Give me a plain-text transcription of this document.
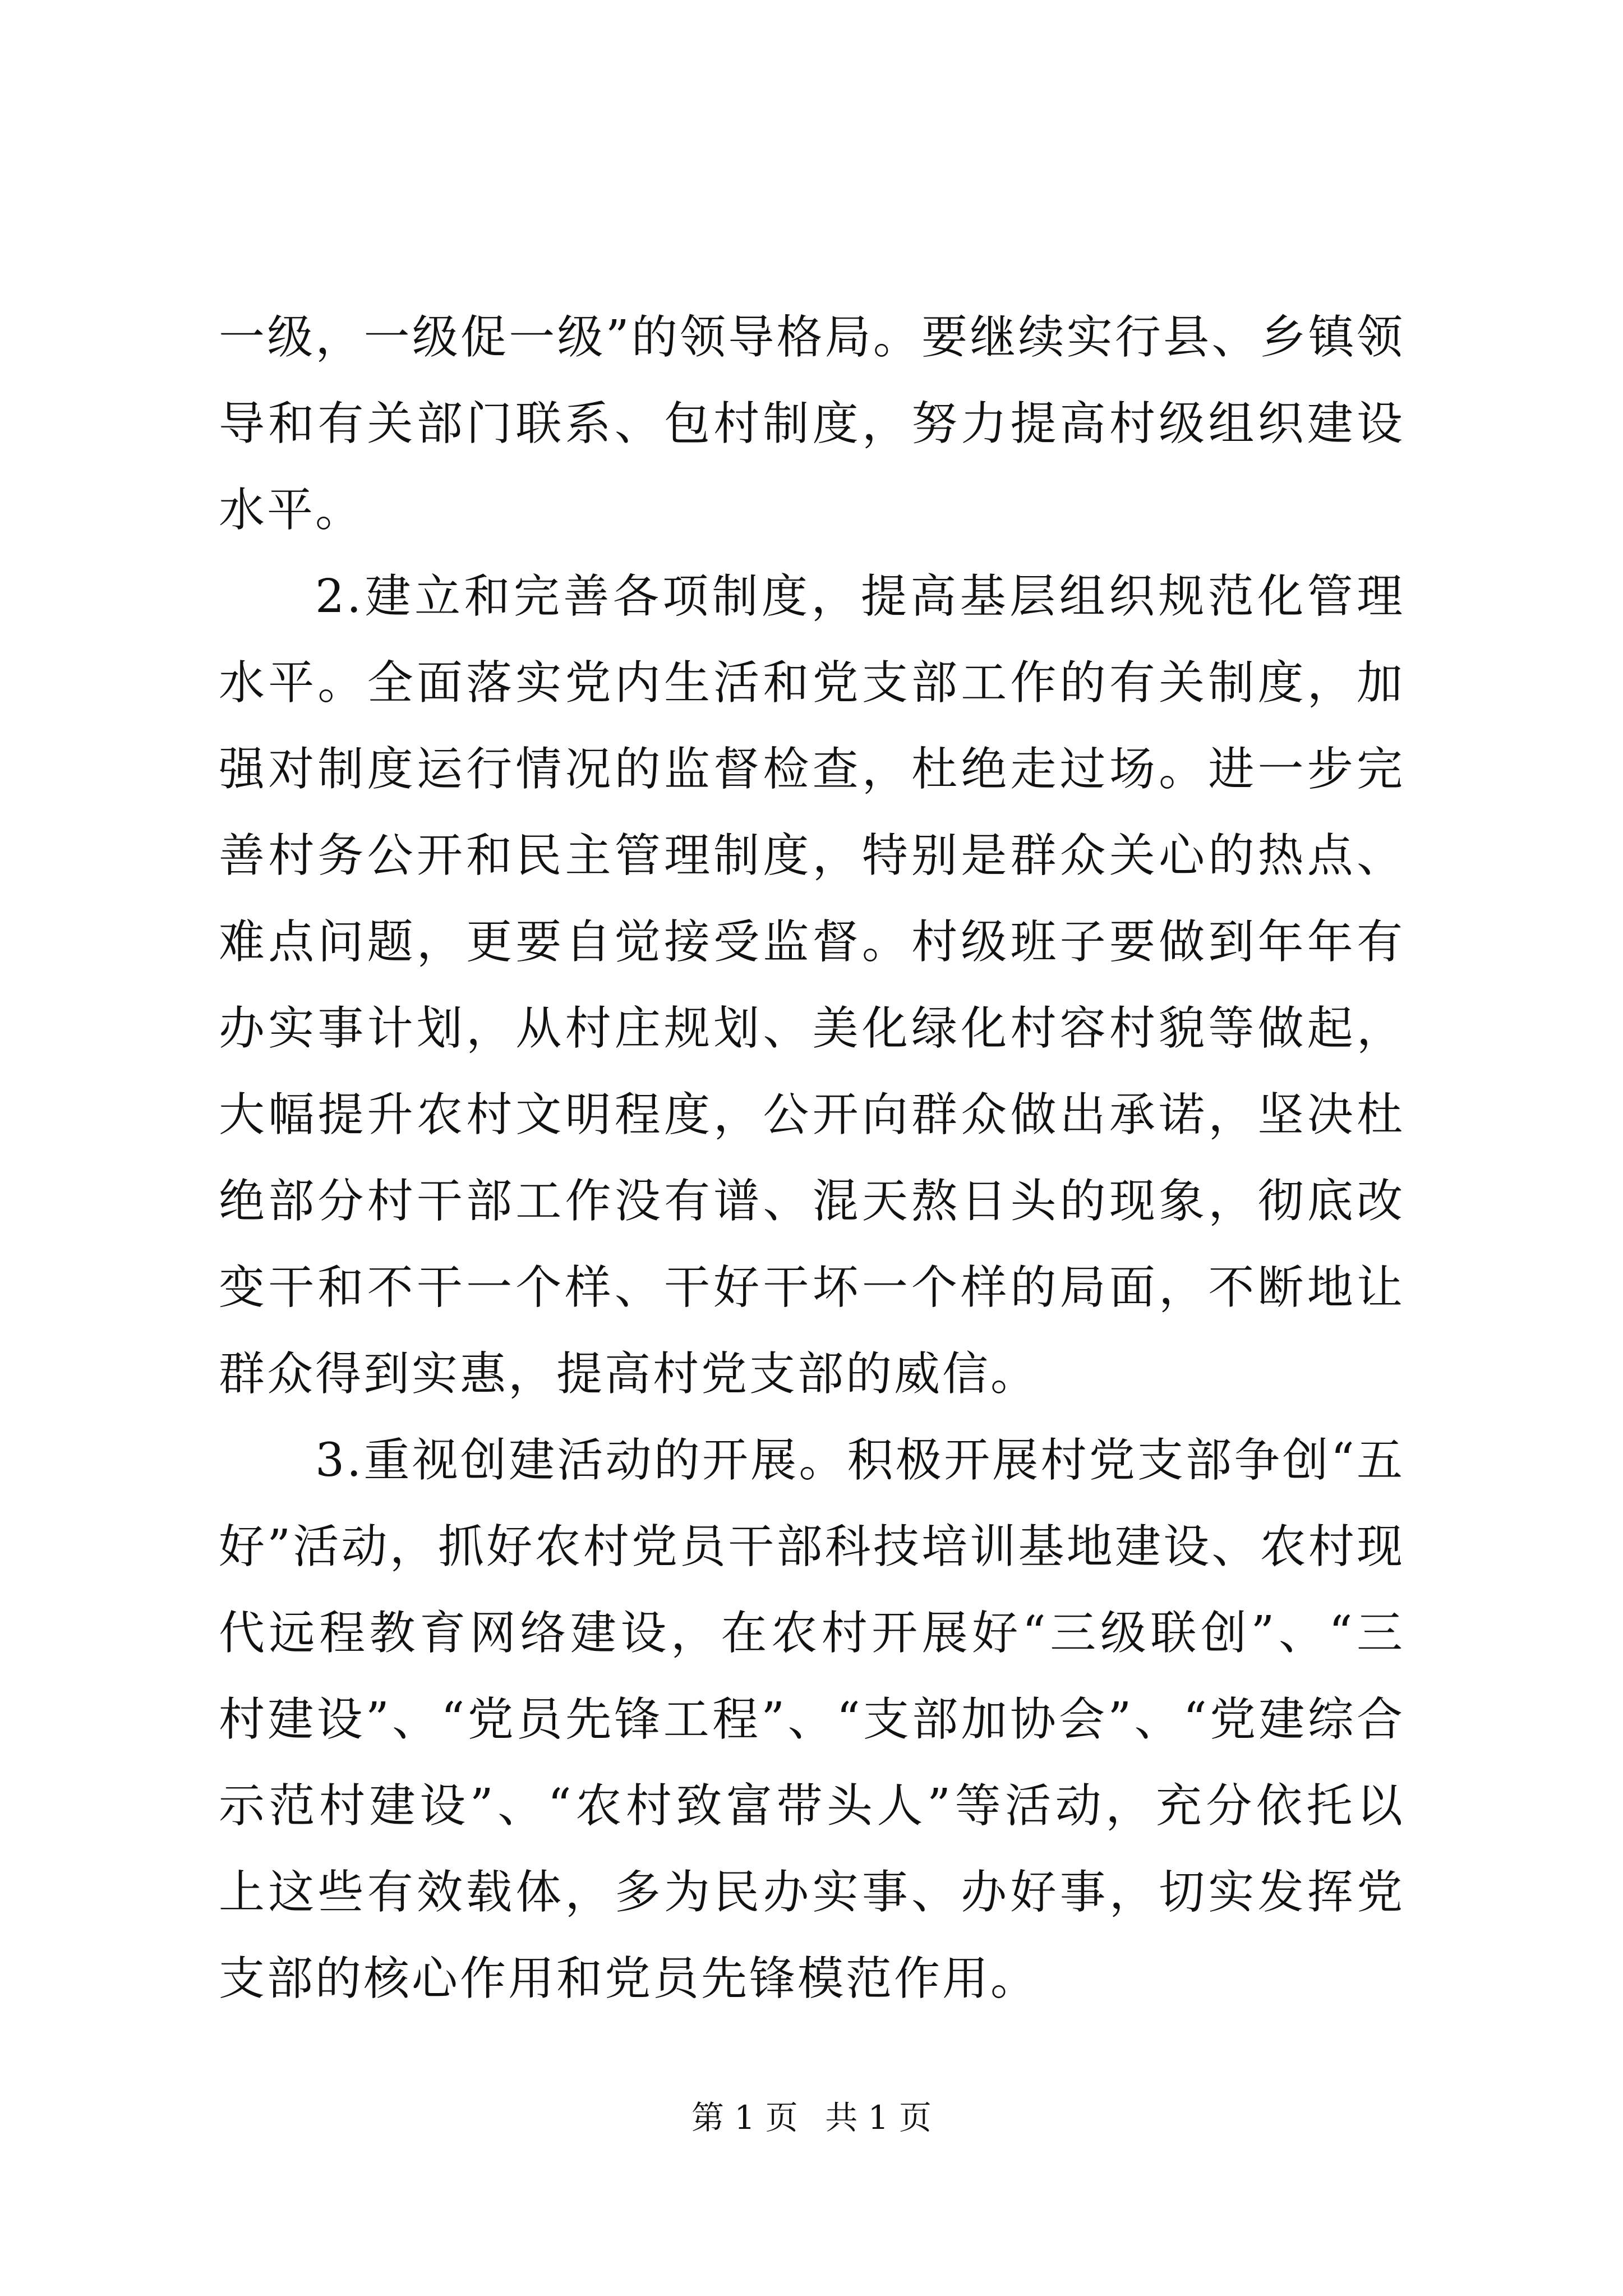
一级，一级促一级”的领导格局。要继续实行县、乡镇领导和有关部门联系、包村制度，努力提高村级组织建设水平。

2.建立和完善各项制度，提高基层组织规范化管理水平。全面落实党内生活和党支部工作的有关制度，加强对制度运行情况的监督检查，杜绝走过场。进一步完善村务公开和民主管理制度，特别是群众关心的热点、难点问题，更要自觉接受监督。村级班子要做到年年有办实事计划，从村庄规划、美化绿化村容村貌等做起，大幅提升农村文明程度，公开向群众做出承诺，坚决杜绝部分村干部工作没有谱、混天熬日头的现象，彻底改变干和不干一个样、干好干坏一个样的局面，不断地让群众得到实惠，提高村党支部的威信。

3.重视创建活动的开展。积极开展村党支部争创“五好”活动，抓好农村党员干部科技培训基地建设、农村现代远程教育网络建设，在农村开展好“三级联创”、“三村建设”、“党员先锋工程”、“支部加协会”、“党建综合示范村建设”、“农村致富带头人”等活动，充分依托以上这些有效载体，多为民办实事、办好事，切实发挥党支部的核心作用和党员先锋模范作用。

第 1 页 共 1 页
